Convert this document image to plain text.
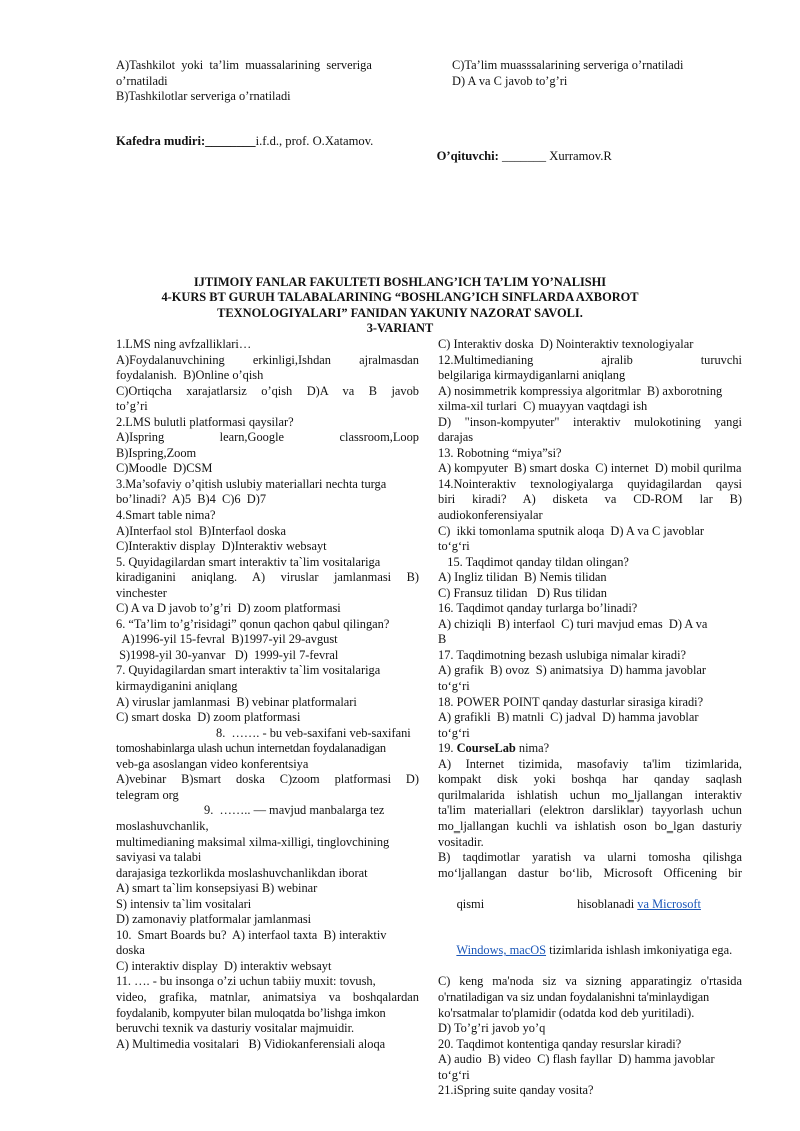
A)Tashkilot  yoki  ta’lim  muassalarining  serveriga
o’rnatiladi
B)Tashkilotlar serveriga o’rnatiladi
C)Ta’lim muasssalarining serveriga o’rnatiladi
D) A va C javob to’g’ri
Kafedra mudiri:________i.f.d., prof. O.Xatamov.

O’qituvchi: _______ Xurramov.R

IJTIMOIY FANLAR FAKULTETI BOSHLANG’ICH TA’LIM YO’NALISHI
4-KURS BT GURUH TALABALARINING “BOSHLANG’ICH SINFLARDA AXBOROT
TEXNOLOGIYALARI” FANIDAN YAKUNIY NAZORAT SAVOLI.
3-VARIANT
1.LMS ning avfzalliklari…
A)Foydalanuvchining erkinligi,Ishdan ajralmasdan
foydalanish.  B)Online o’qish
C)Ortiqcha xarajatlarsiz o’qish D)A va B javob
to’g’ri
2.LMS bulutli platformasi qaysilar?
A)Ispring learn,Google classroom,Loop
B)Ispring,Zoom
C)Moodle  D)CSM
3.Ma’sofaviy o’qitish uslubiy materiallari nechta turga
bo’linadi?  A)5  B)4  C)6  D)7
4.Smart table nima?
A)Interfaol stol  B)Interfaol doska
C)Interaktiv display  D)Interaktiv websayt
5. Quyidagilardan smart interaktiv ta`lim vositalariga
kiradiganini aniqlang. A) viruslar jamlanmasi B)
vinchester
C) A va D javob to’g’ri  D) zoom platformasi
6. “Ta’lim to’g’risidagi” qonun qachon qabul qilingan?
A)1996-yil 15-fevral  B)1997-yil 29-avgust
S)1998-yil 30-yanvar   D)  1999-yil 7-fevral
7. Quyidagilardan smart interaktiv ta`lim vositalariga
kirmaydiganini aniqlang
A) viruslar jamlanmasi  B) vebinar platformalari
C) smart doska  D) zoom platformasi
8.  ……. - bu veb-saxifani veb-saxifani
tomoshabinlarga ulash uchun internetdan foydalanadigan
veb-ga asoslangan video konferentsiya
A)vebinar B)smart doska C)zoom platformasi D)
telegram org
9.  …….. — mavjud manbalarga tez
moslashuvchanlik,
multimedianing maksimal xilma-xilligi, tinglovchining
saviyasi va talabi
darajasiga tezkorlikda moslashuvchanlikdan iborat
A) smart ta`lim konsepsiyasi B) webinar
S) intensiv ta`lim vositalari
D) zamonaviy platformalar jamlanmasi
10.  Smart Boards bu?  A) interfaol taxta  B) interaktiv
doska
C) interaktiv display  D) interaktiv websayt
11. …. - bu insonga o’zi uchun tabiiy muxit: tovush,
video, grafika, matnlar, animatsiya va boshqalardan
foydalanib, kompyuter bilan muloqatda bo’lishga imkon
beruvchi texnik va dasturiy vositalar majmuidir.
A) Multimedia vositalari   B) Vidiokanferensiali aloqa
C) Interaktiv doska  D) Nointeraktiv texnologiyalar
12.Multimedianing ajralib turuvchi
belgilariga kirmaydiganlarni aniqlang
A) nosimmetrik kompressiya algoritmlar  B) axborotning
xilma-xil turlari  C) muayyan vaqtdagi ish
D) "inson-kompyuter" interaktiv mulokotining yangi
darajas
13. Robotning “miya”si?
A) kompyuter  B) smart doska  C) internet  D) mobil qurilma
14.Nointeraktiv texnologiyalarga quyidagilardan qaysi
biri kiradi? A) disketa va CD-ROM lar B)
audiokonferensiyalar
C)  ikki tomonlama sputnik aloqa  D) A va C javoblar
to‘g‘ri
15. Taqdimot qanday tildan olingan?
A) Ingliz tilidan  B) Nemis tilidan
C) Fransuz tilidan   D) Rus tilidan
16. Taqdimot qanday turlarga bo’linadi?
A) chiziqli  B) interfaol  C) turi mavjud emas  D) A va
B
17. Taqdimotning bezash uslubiga nimalar kiradi?
A) grafik  B) ovoz  S) animatsiya  D) hamma javoblar
to‘g‘ri
18. POWER POINT qanday dasturlar sirasiga kiradi?
A) grafikli  B) matnli  C) jadval  D) hamma javoblar
to‘g‘ri
19. CourseLab nima?
A) Internet tizimida, masofaviy ta'lim tizimlarida,
kompakt disk yoki boshqa har qanday saqlash
qurilmalarida ishlatish uchun mo‗ljallangan interaktiv
ta'lim materiallari (elektron darsliklar) tayyorlash uchun
mo‗ljallangan kuchli va ishlatish oson bo‗lgan dasturiy
vositadir.
B) taqdimotlar yaratish va ularni tomosha qilishga
mo‘ljallangan dastur bo‘lib, Microsoft Officening bir

qismi                              hisoblanadi va Microsoft

Windows, macOS tizimlarida ishlash imkoniyatiga ega.

C) keng ma'noda siz va sizning apparatingiz o'rtasida
o'rnatiladigan va siz undan foydalanishni ta'minlaydigan
ko'rsatmalar to'plamidir (odatda kod deb yuritiladi).
D) To’g’ri javob yo’q
20. Taqdimot kontentiga qanday resurslar kiradi?
A) audio  B) video  C) flash fayllar  D) hamma javoblar
to‘g‘ri
21.iSpring suite qanday vosita?
